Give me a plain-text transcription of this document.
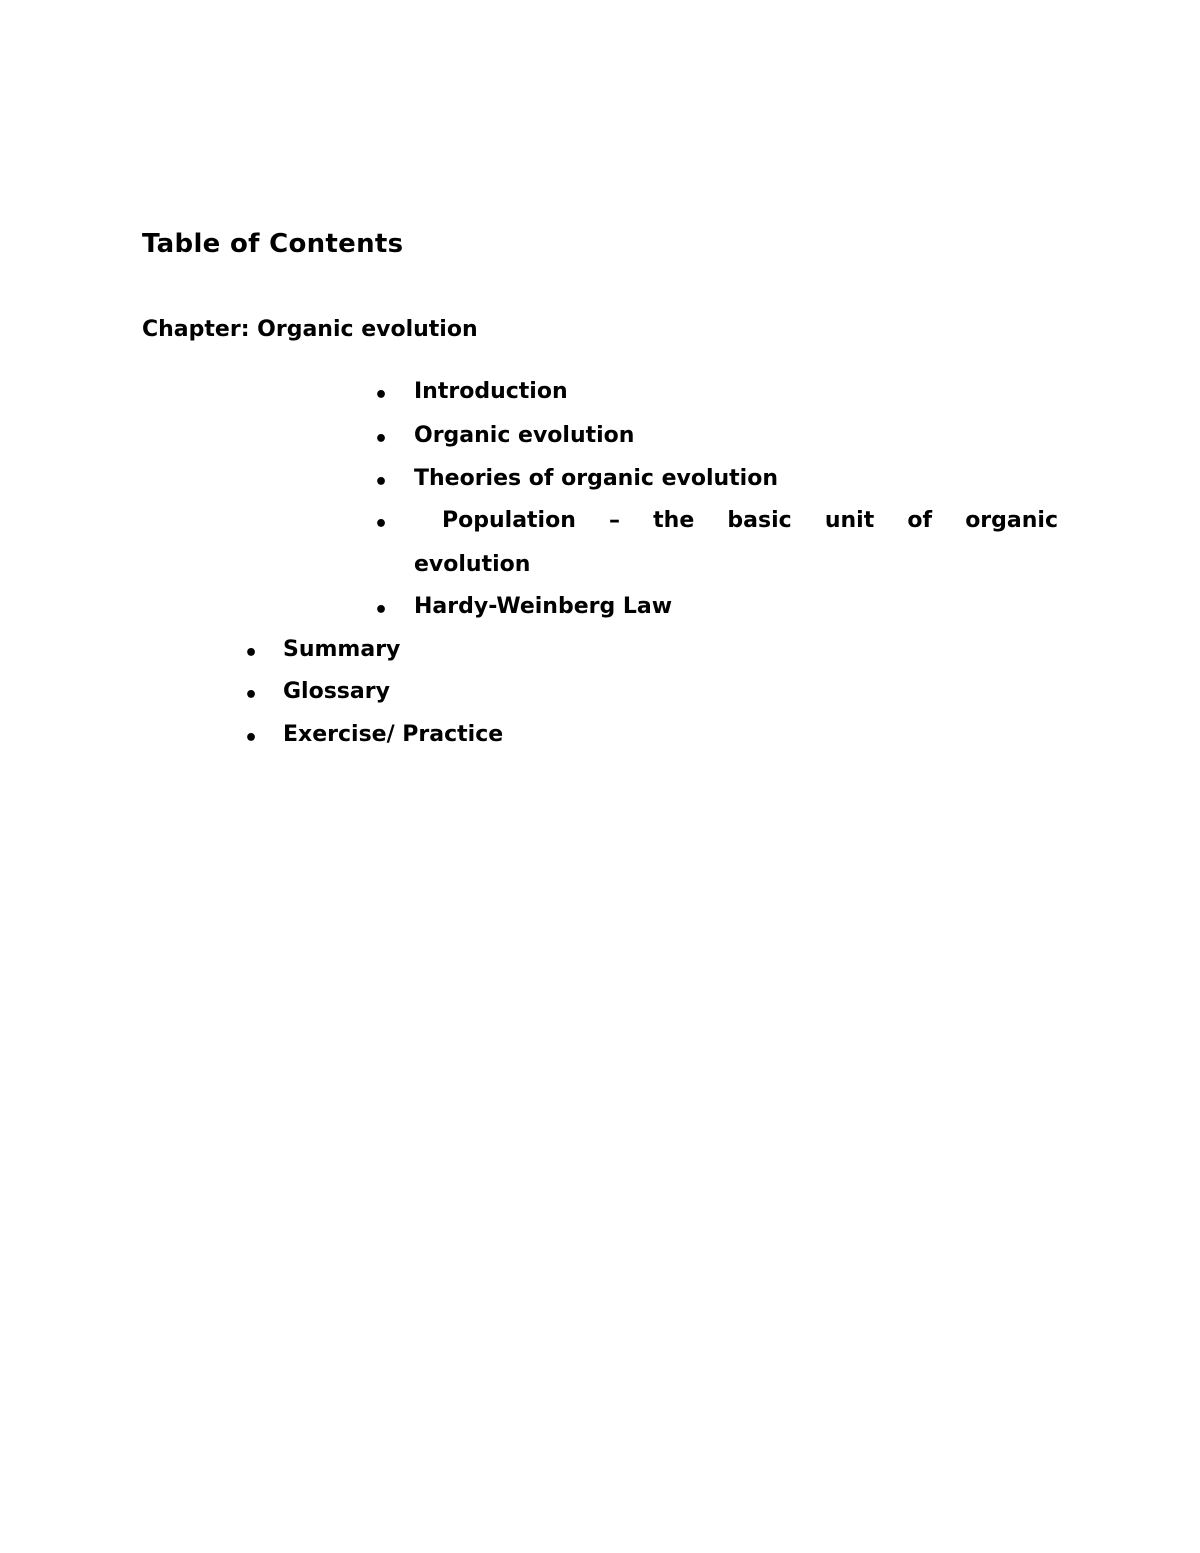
Table of Contents
Chapter: Organic evolution
• Introduction
• Organic evolution
• Theories of organic evolution
• Population – the basic unit of organic
evolution
• Hardy-Weinberg Law
• Summary
• Glossary
• Exercise/ Practice
